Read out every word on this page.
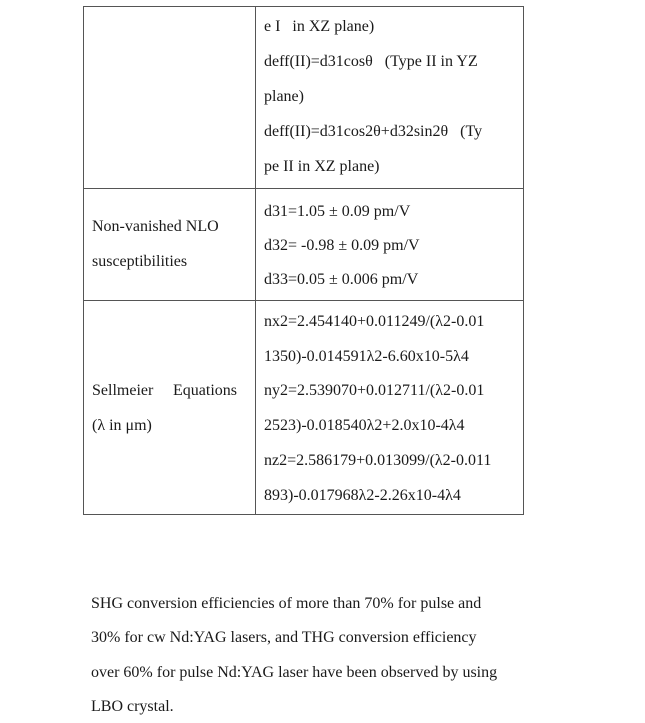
e I   in XZ plane)
deff(II)=d31cosθ   (Type II in YZ
plane)
deff(II)=d31cos2θ+d32sin2θ   (Ty
pe II in XZ plane)
Non-vanished NLO
susceptibilities
d31=1.05 ± 0.09 pm/V
d32= -0.98 ± 0.09 pm/V
d33=0.05 ± 0.006 pm/V
Sellmeier Equations
(λ in μm)
nx2=2.454140+0.011249/(λ2-0.01
1350)-0.014591λ2-6.60x10-5λ4
ny2=2.539070+0.012711/(λ2-0.01
2523)-0.018540λ2+2.0x10-4λ4
nz2=2.586179+0.013099/(λ2-0.011
893)-0.017968λ2-2.26x10-4λ4
SHG conversion efficiencies of more than 70% for pulse and
30% for cw Nd:YAG lasers, and THG conversion efficiency
over 60% for pulse Nd:YAG laser have been observed by using
LBO crystal.
